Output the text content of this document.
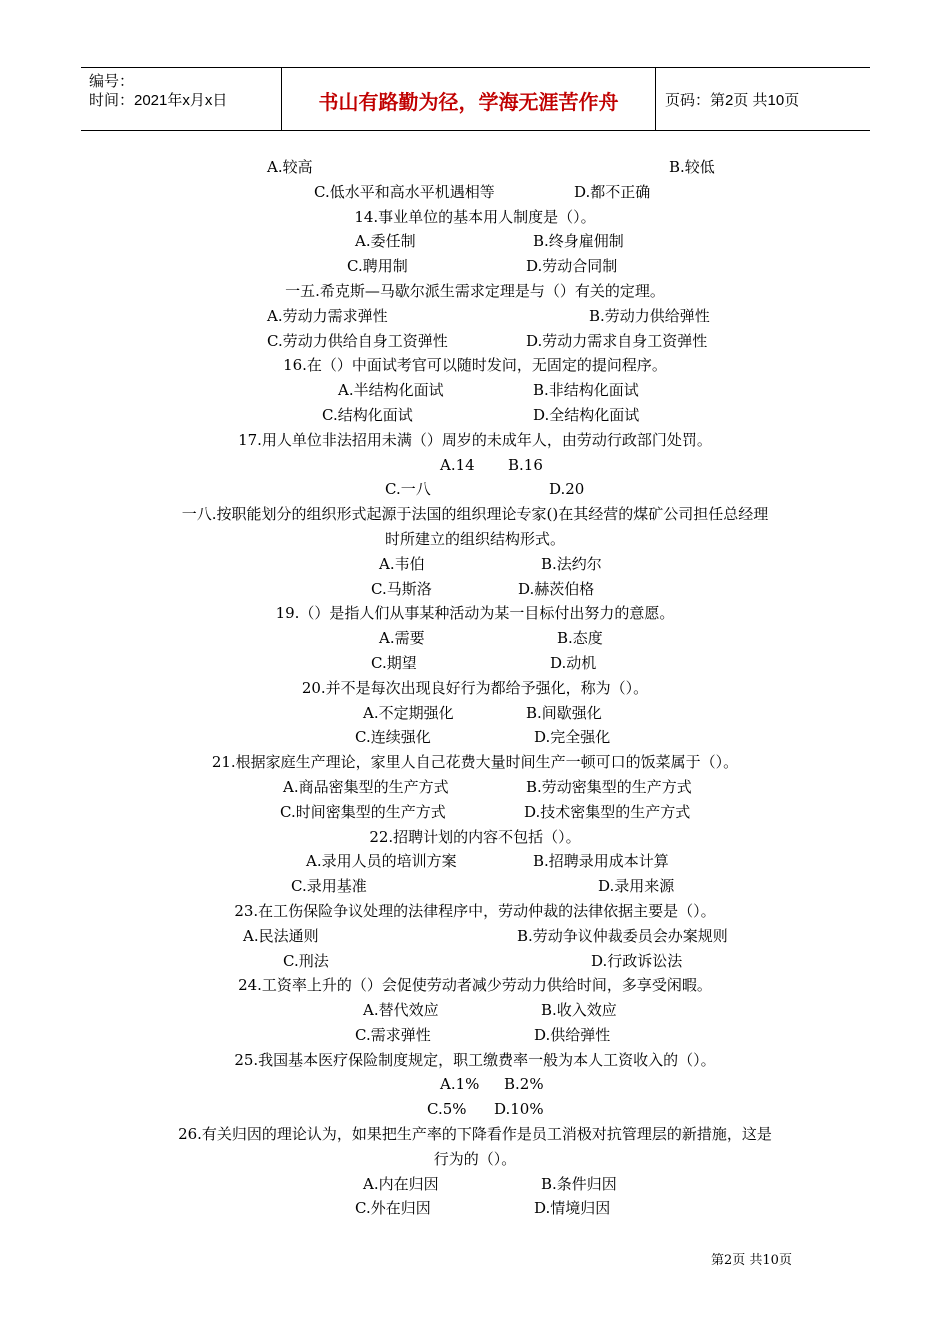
编号：
时间：2021年x月x日	书山有路勤为径，学海无涯苦作舟	页码：第2页 共10页
A.较高	B.较低
C.低水平和高水平机遇相等	D.都不正确
14.事业单位的基本用人制度是（）。
A.委任制	B.终身雇佣制
C.聘用制	D.劳动合同制
一五.希克斯—马歇尔派生需求定理是与（）有关的定理。
A.劳动力需求弹性	B.劳动力供给弹性
C.劳动力供给自身工资弹性	D.劳动力需求自身工资弹性
16.在（）中面试考官可以随时发问，无固定的提问程序。
A.半结构化面试	B.非结构化面试
C.结构化面试	D.全结构化面试
17.用人单位非法招用未满（）周岁的未成年人，由劳动行政部门处罚。
A.14 B.16
C.一八	D.20
一八.按职能划分的组织形式起源于法国的组织理论专家()在其经营的煤矿公司担任总经理
时所建立的组织结构形式。
A.韦伯	B.法约尔
C.马斯洛	D.赫茨伯格
19.（）是指人们从事某种活动为某一目标付出努力的意愿。
A.需要	B.态度
C.期望	D.动机
20.并不是每次出现良好行为都给予强化，称为（）。
A.不定期强化	B.间歇强化
C.连续强化	D.完全强化
21.根据家庭生产理论，家里人自己花费大量时间生产一顿可口的饭菜属于（）。
A.商品密集型的生产方式	B.劳动密集型的生产方式
C.时间密集型的生产方式	D.技术密集型的生产方式
22.招聘计划的内容不包括（）。
A.录用人员的培训方案	B.招聘录用成本计算
C.录用基准	D.录用来源
23.在工伤保险争议处理的法律程序中，劳动仲裁的法律依据主要是（）。
A.民法通则	B.劳动争议仲裁委员会办案规则
C.刑法	D.行政诉讼法
24.工资率上升的（）会促使劳动者减少劳动力供给时间，多享受闲暇。
A.替代效应	B.收入效应
C.需求弹性	D.供给弹性
25.我国基本医疗保险制度规定，职工缴费率一般为本人工资收入的（）。
A.1% B.2%
C.5% D.10%
26.有关归因的理论认为，如果把生产率的下降看作是员工消极对抗管理层的新措施，这是
行为的（）。
A.内在归因	B.条件归因
C.外在归因	D.情境归因
第2页 共10页
